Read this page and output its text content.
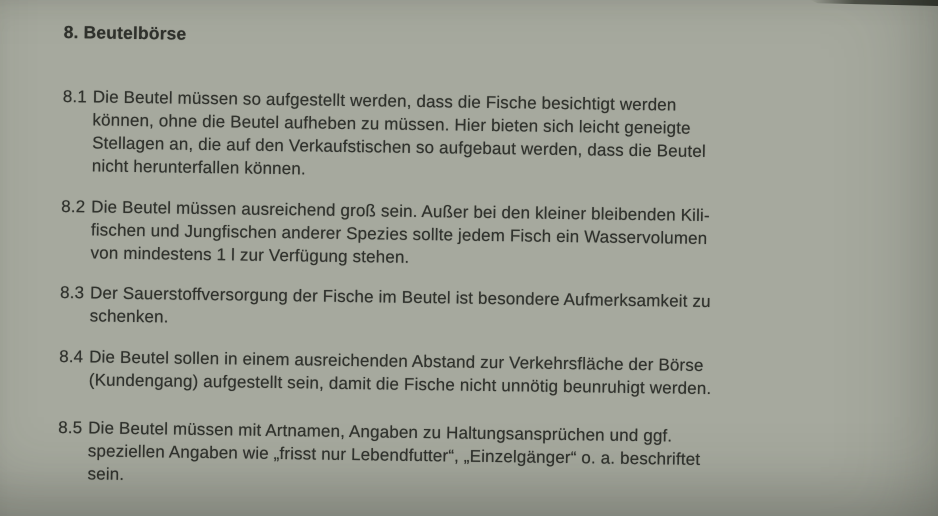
8. Beutelbörse
8.1 Die Beutel müssen so aufgestellt werden, dass die Fische besichtigt werden
können, ohne die Beutel aufheben zu müssen. Hier bieten sich leicht geneigte
Stellagen an, die auf den Verkaufstischen so aufgebaut werden, dass die Beutel
nicht herunterfallen können.
8.2 Die Beutel müssen ausreichend groß sein. Außer bei den kleiner bleibenden Kili-
fischen und Jungfischen anderer Spezies sollte jedem Fisch ein Wasservolumen
von mindestens 1 l zur Verfügung stehen.
8.3 Der Sauerstoffversorgung der Fische im Beutel ist besondere Aufmerksamkeit zu
schenken.
8.4 Die Beutel sollen in einem ausreichenden Abstand zur Verkehrsfläche der Börse
(Kundengang) aufgestellt sein, damit die Fische nicht unnötig beunruhigt werden.
8.5 Die Beutel müssen mit Artnamen, Angaben zu Haltungsansprüchen und ggf.
speziellen Angaben wie „frisst nur Lebendfutter“, „Einzelgänger“ o. a. beschriftet
sein.
